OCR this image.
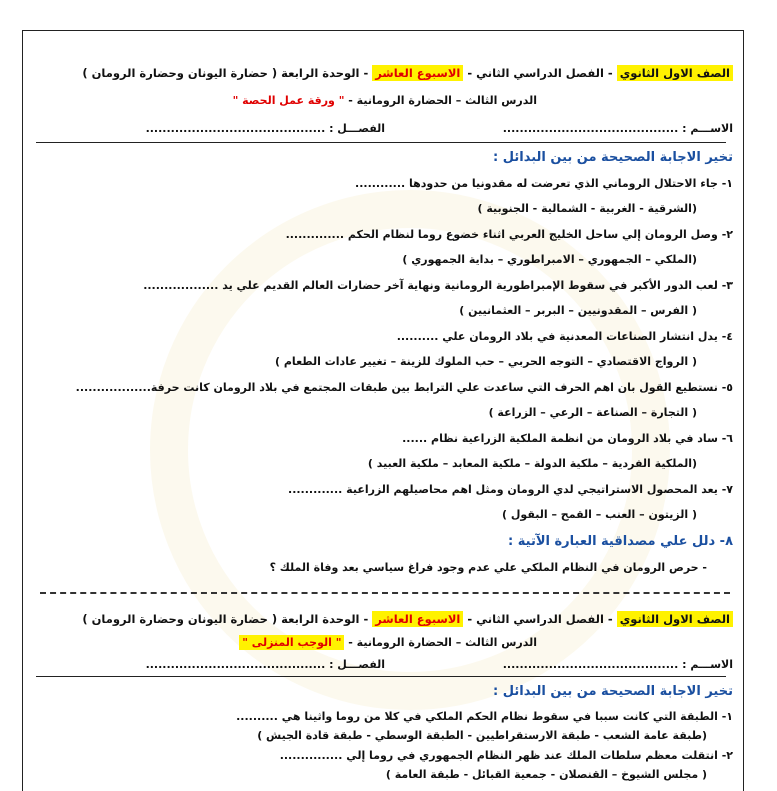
الصف الاول الثانوي - الفصل الدراسي الثاني - الاسبوع العاشر - الوحدة الرابعة ( حضارة اليونان وحضارة الرومان )
الدرس الثالث – الحضارة الرومانية - " ورقة عمل الحصة "
الاســـم : ..........................................  الفصـــل : ...........................................
تخير الاجابة الصحيحة من بين البدائل :
١- جاء الاحتلال الروماني الذي تعرضت له مقدونيا من حدودها ............
(الشرقية - الغربية - الشمالية - الجنوبية )
٢- وصل الرومان إلي ساحل الخليج العربي اثناء خضوع روما لنظام الحكم ..............
(الملكي – الجمهوري – الامبراطوري – بداية الجمهوري )
٣- لعب الدور الأكبر في سقوط الإمبراطورية الرومانية ونهاية آخر حضارات العالم القديم علي يد ..................
( الفرس – المقدونيين – البربر – العثمانيين )
٤- يدل انتشار الصناعات المعدنية في بلاد الرومان علي ..........
( الرواج الاقتصادي – التوجه الحربي – حب الملوك للزينة – تغيير عادات الطعام )
٥- نستطيع القول بان اهم الحرف التي ساعدت علي الترابط بين طبقات المجتمع في بلاد الرومان كانت حرفة..................
( التجارة – الصناعة – الرعي – الزراعة )
٦- ساد في بلاد الرومان من انظمة الملكية الزراعية نظام ......
(الملكية الفردية – ملكية الدولة – ملكية المعابد – ملكية العبيد )
٧- يعد المحصول الاستراتيجي لدي الرومان ومثل اهم محاصيلهم الزراعية .............
( الزيتون – العنب – القمح – البقول )
٨- دلل علي مصداقية العبارة الآتية :
- حرص الرومان في النظام الملكي علي عدم وجود فراغ سياسي بعد وفاة الملك ؟
الصف الاول الثانوي - الفصل الدراسي الثاني - الاسبوع العاشر - الوحدة الرابعة ( حضارة اليونان وحضارة الرومان )
الدرس الثالث – الحضارة الرومانية - " الوجب المنزلى "
الاســـم : ..........................................  الفصـــل : ...........................................
تخير الاجابة الصحيحة من بين البدائل :
١- الطبقة التي كانت سببا في سقوط نظام الحكم الملكي في كلا من روما واثينا هي ..........
(طبقة عامة الشعب - طبقة الارستقراطيين - الطبقة الوسطي - طبقة قادة الجيش )
٢- انتقلت معظم سلطات الملك عند ظهر النظام الجمهوري في روما إلي ...............
( مجلس الشيوخ – القنصلان - جمعية القبائل - طبقة العامة )
